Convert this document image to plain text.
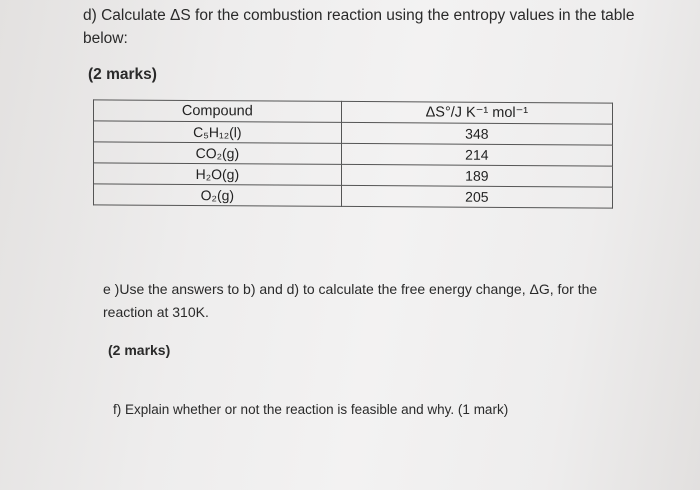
d) Calculate ΔS for the combustion reaction using the entropy values in the table below:
(2 marks)
Compound	ΔS°/J K⁻¹ mol⁻¹
C₅H₁₂(l)	348
CO₂(g)	214
H₂O(g)	189
O₂(g)	205
e )Use the answers to b) and d) to calculate the free energy change, ΔG, for the reaction at 310K.
(2 marks)
f) Explain whether or not the reaction is feasible and why. (1 mark)
